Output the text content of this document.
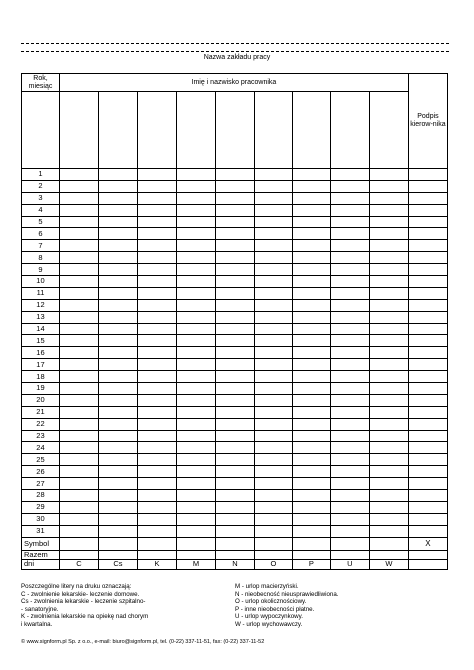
Nazwa zakładu pracy
Rok, miesiąc	Imię i nazwisko pracownika									Podpis kierow-nika

1										
2										
3										
4										
5										
6										
7										
8										
9										
10										
11										
12										
13										
14										
15										
16										
17										
18										
19										
20										
21										
22										
23										
24										
25										
26										
27										
28										
29										
30										
31										
Symbol										X
Razem										
dni	C	Cs	K	M	N	O	P	U	W	
Poszczególne litery na druku oznaczają:
C - zwolnienie lekarskie- leczenie domowe.
Cs - zwolnienia lekarskie - leczenie szpitalno-
- sanatoryjne.
K - zwolnienia lekarskie na opiekę nad chorym
i kwartalna.
M - urlop macierzyński.
N - nieobecność nieusprawiedliwiona.
O - urlop okolicznościowy.
P - inne nieobecności płatne.
U - urlop wypoczynkowy.
W - urlop wychowawczy.
© www.signform.pl Sp. z o.o., e-mail: biuro@signform.pl, tel. (0-22) 337-11-51, fax: (0-22) 337-11-52
